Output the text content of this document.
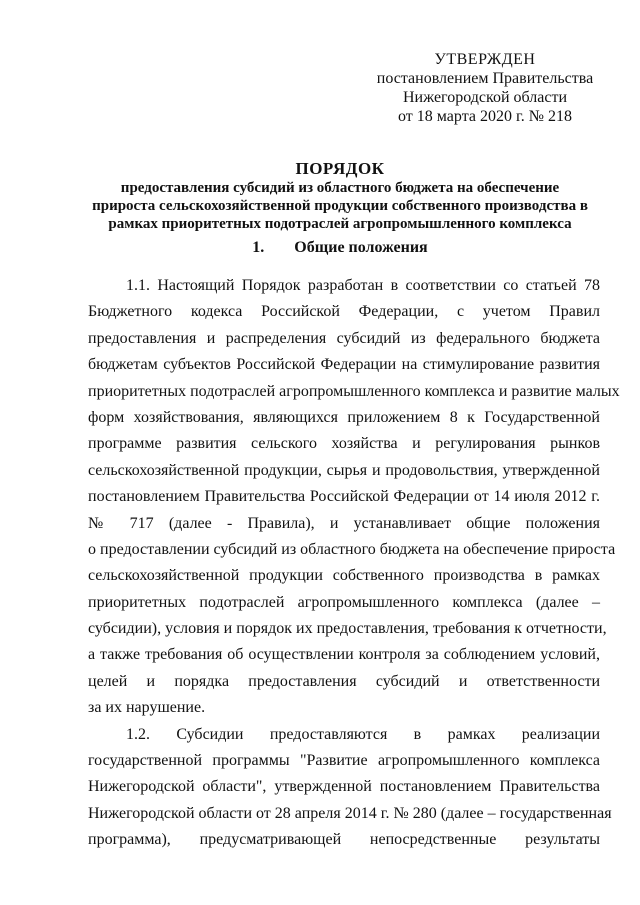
УТВЕРЖДЕН
постановлением Правительства
Нижегородской области
от 18 марта 2020 г. № 218
ПОРЯДОК
предоставления субсидий из областного бюджета на обеспечение
прироста сельскохозяйственной продукции собственного производства в
рамках приоритетных подотраслей агропромышленного комплекса
1. Общие положения
1.1. Настоящий Порядок разработан в соответствии со статьей 78
Бюджетного кодекса Российской Федерации, с учетом Правил
предоставления и распределения субсидий из федерального бюджета
бюджетам субъектов Российской Федерации на стимулирование развития
приоритетных подотраслей агропромышленного комплекса и развитие малых
форм хозяйствования, являющихся приложением 8 к Государственной
программе развития сельского хозяйства и регулирования рынков
сельскохозяйственной продукции, сырья и продовольствия, утвержденной
постановлением Правительства Российской Федерации от 14 июля 2012 г.
№ 717 (далее - Правила), и устанавливает общие положения
о предоставлении субсидий из областного бюджета на обеспечение прироста
сельскохозяйственной продукции собственного производства в рамках
приоритетных подотраслей агропромышленного комплекса (далее –
субсидии), условия и порядок их предоставления, требования к отчетности,
а также требования об осуществлении контроля за соблюдением условий,
целей и порядка предоставления субсидий и ответственности
за их нарушение.
1.2. Субсидии предоставляются в рамках реализации
государственной программы "Развитие агропромышленного комплекса
Нижегородской области", утвержденной постановлением Правительства
Нижегородской области от 28 апреля 2014 г. № 280 (далее – государственная
программа), предусматривающей непосредственные результаты
